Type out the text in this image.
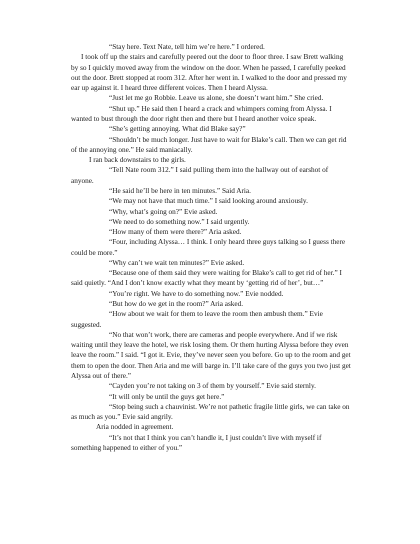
“Stay here. Text Nate, tell him we’re here.” I ordered.

I took off up the stairs and carefully peered out the door to floor three. I saw Brett walking by so I quickly moved away from the window on the door. When he passed, I carefully peeked out the door. Brett stopped at room 312. After her went in. I walked to the door and pressed my ear up against it. I heard three different voices. Then I heard Alyssa.

“Just let me go Robbie. Leave us alone, she doesn’t want him.” She cried.

“Shut up.” He said then I heard a crack and whimpers coming from Alyssa. I wanted to bust through the door right then and there but I heard another voice speak.

“She’s getting annoying. What did Blake say?”

“Shouldn’t be much longer. Just have to wait for Blake’s call. Then we can get rid of the annoying one.” He said maniacally.

I ran back downstairs to the girls.

“Tell Nate room 312.” I said pulling them into the hallway out of earshot of anyone.

“He said he’ll be here in ten minutes.” Said Aria.

“We may not have that much time.” I said looking around anxiously.

“Why, what’s going on?” Evie asked.

“We need to do something now.” I said urgently.

“How many of them were there?” Aria asked.

“Four, including Alyssa… I think. I only heard three guys talking so I guess there could be more.”

“Why can’t we wait ten minutes?” Evie asked.

“Because one of them said they were waiting for Blake’s call to get rid of her.” I said quietly. “And I don’t know exactly what they meant by ‘getting rid of her’, but…”

“You’re right. We have to do something now.” Evie nodded.

“But how do we get in the room?” Aria asked.

“How about we wait for them to leave the room then ambush them.” Evie suggested.

“No that won’t work, there are cameras and people everywhere. And if we risk waiting until they leave the hotel, we risk losing them. Or them hurting Alyssa before they even leave the room.” I said. “I got it. Evie, they’ve never seen you before. Go up to the room and get them to open the door. Then Aria and me will barge in. I’ll take care of the guys you two just get Alyssa out of there.”

“Cayden you’re not taking on 3 of them by yourself.” Evie said sternly.

“It will only be until the guys get here.”

“Stop being such a chauvinist. We’re not pathetic fragile little girls, we can take on as much as you.” Evie said angrily.

Aria nodded in agreement.

“It’s not that I think you can’t handle it, I just couldn’t live with myself if something happened to either of you.”
